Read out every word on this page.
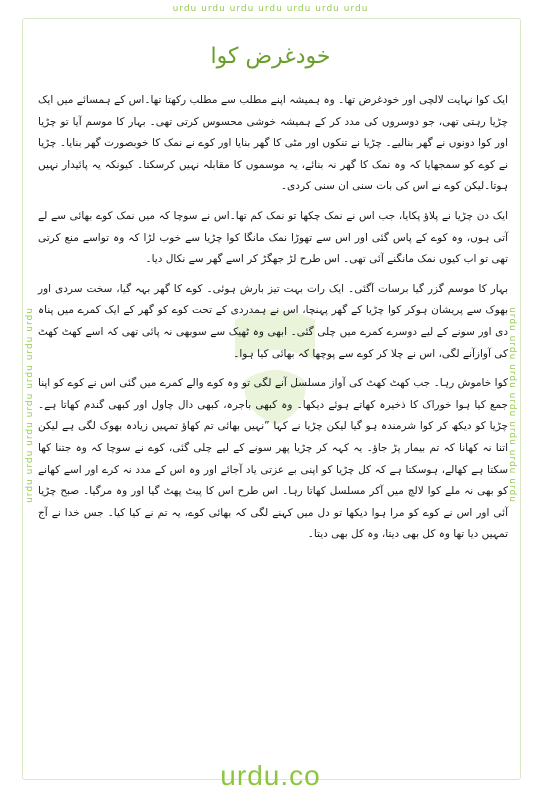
urdu urdu urdu urdu urdu urdu urdu
urdu urdu urdu urdu urdu urdu urdu	urdu urdu urdu urdu urdu urdu urdu
خودغرض کوا

ایک کوا نہایت لالچی اور خودغرض تھا۔ وہ ہمیشہ اپنے مطلب سے مطلب رکھتا تھا۔اس کے ہمسائے میں ایک چڑیا رہتی تھی، جو دوسروں کی مدد کر کے ہمیشہ خوشی محسوس کرتی تھی۔ بہار کا موسم آیا تو چڑیا اور کوا دونوں نے گھر بنالیے۔ چڑیا نے تنکوں اور مٹی کا گھر بنایا اور کوے نے نمک کا خوبصورت گھر بنایا۔ چڑیا نے کوے کو سمجھایا کہ وہ نمک کا گھر نہ بنائے، یہ موسموں کا مقابلہ نہیں کرسکتا۔ کیونکہ یہ پائیدار نہیں ہوتا۔لیکن کوے نے اس کی بات سنی ان سنی کردی۔

ایک دن چڑیا نے پلاؤ پکایا، جب اس نے نمک چکھا تو نمک کم تھا۔اس نے سوچا کہ میں نمک کوے بھائی سے لے آتی ہوں، وہ کوے کے پاس گئی اور اس سے تھوڑا نمک مانگا کوا چڑیا سے خوب لڑا کہ وہ تواسے منع کرتی تھی تو اب کیوں نمک مانگنے آئی تھی۔ اس طرح لڑ جھگڑ کر اسے گھر سے نکال دیا۔

بہار کا موسم گزر گیا برسات آگئی۔ ایک رات بہت تیز بارش ہوئی۔ کوے کا گھر بہہ گیا، سخت سردی اور بھوک سے پریشان ہوکر کوا چڑیا کے گھر پہنچا، اس نے ہمدردی کے تحت کوے کو گھر کے ایک کمرے میں پناہ دی اور سونے کے لیے دوسرے کمرے میں چلی گئی۔ ابھی وہ ٹھیک سے سوبھی نہ پائی تھی کہ اسے کھٹ کھٹ کی آوازآنے لگی، اس نے چلا کر کوے سے پوچھا کہ بھائی کیا ہوا۔

کوا خاموش رہا۔ جب کھٹ کھٹ کی آواز مسلسل آنے لگی تو وہ کوے والے کمرے میں گئی اس نے کوے کو اپنا جمع کیا ہوا خوراک کا ذخیرہ کھاتے ہوئے دیکھا۔ وہ کبھی باجرہ، کبھی دال چاول اور کبھی گندم کھاتا ہے۔ چڑیا کو دیکھ کر کوا شرمندہ ہو گیا لیکن چڑیا نے کہا ”نہیں بھائی تم کھاؤ تمہیں زیادہ بھوک لگی ہے لیکن اتنا نہ کھانا کہ تم بیمار پڑ جاؤ۔ یہ کہہ کر چڑیا پھر سونے کے لیے چلی گئی، کوے نے سوچا کہ وہ جتنا کھا سکتا ہے کھالے، ہوسکتا ہے کہ کل چڑیا کو اپنی بے عزتی یاد آجائے اور وہ اس کے مدد نہ کرے اور اسے کھانے کو بھی نہ ملے کوا لالچ میں آکر مسلسل کھاتا رہا۔ اس طرح اس کا پیٹ پھٹ گیا اور وہ مرگیا۔ صبح چڑیا آئی اور اس نے کوے کو مرا ہوا دیکھا تو دل میں کہنے لگی کہ بھائی کوے، یہ تم نے کیا کیا۔ جس خدا نے آج تمہیں دیا تھا وہ کل بھی دیتا، وہ کل بھی دیتا۔

urdu.co
